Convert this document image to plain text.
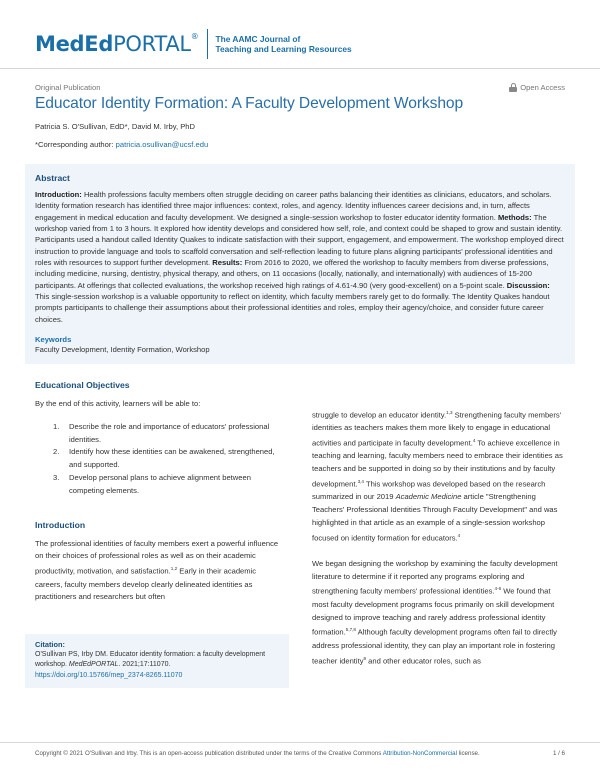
MedEdPORTAL® The AAMC Journal of
Teaching and Learning Resources
Original Publication	Open Access
Educator Identity Formation: A Faculty Development Workshop
Patricia S. O'Sullivan, EdD*, David M. Irby, PhD
*Corresponding author: patricia.osullivan@ucsf.edu
Abstract

Introduction: Health professions faculty members often struggle deciding on career paths balancing their identities as clinicians, educators, and scholars. Identity formation research has identified three major influences: context, roles, and agency. Identity influences career decisions and, in turn, affects engagement in medical education and faculty development. We designed a single-session workshop to foster educator identity formation. Methods: The workshop varied from 1 to 3 hours. It explored how identity develops and considered how self, role, and context could be shaped to grow and sustain identity. Participants used a handout called Identity Quakes to indicate satisfaction with their support, engagement, and empowerment. The workshop employed direct instruction to provide language and tools to scaffold conversation and self-reflection leading to future plans aligning participants' professional identities and roles with resources to support further development. Results: From 2016 to 2020, we offered the workshop to faculty members from diverse professions, including medicine, nursing, dentistry, physical therapy, and others, on 11 occasions (locally, nationally, and internationally) with audiences of 15-200 participants. At offerings that collected evaluations, the workshop received high ratings of 4.61-4.90 (very good-excellent) on a 5-point scale. Discussion: This single-session workshop is a valuable opportunity to reflect on identity, which faculty members rarely get to do formally. The Identity Quakes handout prompts participants to challenge their assumptions about their professional identities and roles, employ their agency/choice, and consider future career choices.

Keywords
Faculty Development, Identity Formation, Workshop
Educational Objectives

By the end of this activity, learners will be able to:

1.	Describe the role and importance of educators' professional identities.
2.	Identify how these identities can be awakened, strengthened, and supported.
3.	Develop personal plans to achieve alignment between competing elements.
Introduction

The professional identities of faculty members exert a powerful influence on their choices of professional roles as well as on their academic productivity, motivation, and satisfaction.$^{1,2}$ Early in their academic careers, faculty members develop clearly delineated identities as practitioners and researchers but often

struggle to develop an educator identity.$^{1,3}$ Strengthening faculty members' identities as teachers makes them more likely to engage in educational activities and participate in faculty development.$^4$ To achieve excellence in teaching and learning, faculty members need to embrace their identities as teachers and be supported in doing so by their institutions and by faculty development.$^{3,4}$ This workshop was developed based on the research summarized in our 2019 Academic Medicine article "Strengthening Teachers' Professional Identities Through Faculty Development" and was highlighted in that article as an example of a single-session workshop focused on identity formation for educators.$^4$

We began designing the workshop by examining the faculty development literature to determine if it reported any programs exploring and strengthening faculty members' professional identities.$^{4-6}$ We found that most faculty development programs focus primarily on skill development designed to improve teaching and rarely address professional identity formation.$^{5,7,8}$ Although faculty development programs often fail to directly address professional identity, they can play an important role in fostering teacher identity$^9$ and other educator roles, such as

Citation:
O'Sullivan PS, Irby DM. Educator identity formation: a faculty development workshop. MedEdPORTAL. 2021;17:11070.
https://doi.org/10.15766/mep_2374-8265.11070
Copyright © 2021 O'Sullivan and Irby. This is an open-access publication distributed under the terms of the Creative Commons Attribution-NonCommercial license.	1 / 6
